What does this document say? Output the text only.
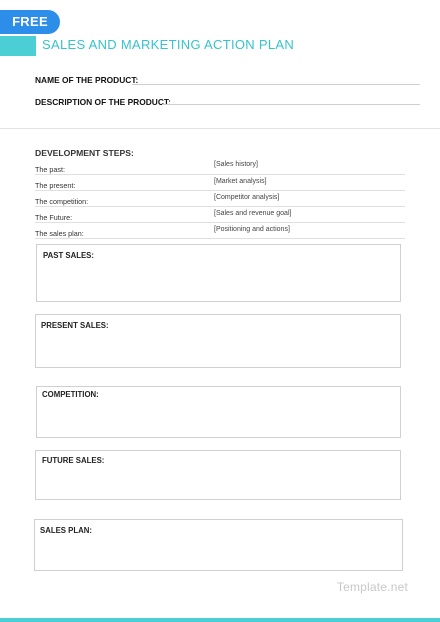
FREE
SALES AND MARKETING ACTION PLAN
NAME OF THE PRODUCT:
DESCRIPTION OF THE PRODUCT:
DEVELOPMENT STEPS:
[Sales history]
The past:
[Market analysis]
The present:
[Competitor analysis]
The competition:
[Sales and revenue goal]
The Future:
[Positioning and actions]
The sales plan:
PAST SALES:
PRESENT SALES:
COMPETITION:
FUTURE SALES:
SALES PLAN:
Template.net
